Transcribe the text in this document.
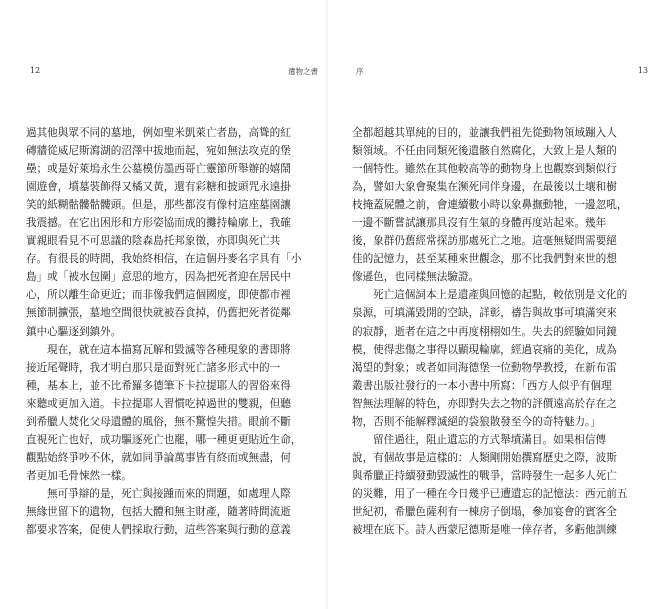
12	遺物之書
過其他與眾不同的墓地，例如聖米凱萊亡者島，高聳的紅
磚牆從威尼斯瀉湖的沼澤中拔地而起，宛如無法攻克的堡
壘；或是好萊塢永生公墓模仿墨西哥亡靈節所舉辦的嬉鬧
園遊會，墳墓裝飾得又橘又黃，還有彩糖和披頭咒永遠掛
笑的紙糊骷髏骷髏頭。但是，那些都沒有像村這座墓園讓
我震撼。在它出困形和方形姿協而成的攤持輪廓上，我確
實親眼看見不可思議的陰森島托邦象徵，亦即與死亡共
存。有很長的時間，我始終相信，在這個丹麥名字具有「小
島」或「被水包圍」意思的地方，因為把死者迎在居民中
心，所以離生命更近；而非像我們這個國度，即使都市裡
無節制擴張，墓地空間很快就被吞食掉，仍舊把死者從鄰
鎮中心驅逐到鎮外。
現在，就在這本描寫瓦解和毀滅等各種現象的書即將
接近尾聲時，我才明白那只是面對死亡諸多形式中的一
種，基本上，並不比希羅多德筆下卡拉提耶人的習俗來得
來聽或更加入道。卡拉提耶人習慣吃掉過世的雙親，但聽
到希臘人焚化父母遺體的風俗，無不驚惶失措。眼前不斷
直視死亡也好，成功驅逐死亡也罷，哪一種更更貼近生命，
觀點始終爭吵不休，就如同爭論萬事皆有終而或無盡，何
者更加毛骨悚然一樣。
無可爭辯的是，死亡與接踵而來的問題，如處理人際
無緣世留下的遺物，包括大體和無主財產，隨著時間流逝
都要求答案，促使人們採取行動，這些答案與行動的意義
序	13
全都超越其單純的目的，並讓我們祖先從動物領域蹦入人
類領域。不任由同類死後遺骸自然腐化，大致上是人類的
一個特性。雖然在其他較高等的動物身上也觀察到類似行
為，譬如大象會聚集在濒死同伴身邊，在最後以土壤和樹
枝掩蓋屍體之前，會連續數小時以象鼻撫動牠，一邊忽吼，
一邊不斷嘗試讓那具沒有生氣的身體再度站起來。幾年
後，象群仍舊經常探訪那處死亡之地。這毫無疑問需要絕
佳的記憶力，甚至某種來世觀念，那不比我們對來世的想
像遜色，也同樣無法驗證。
死亡這個詞本上是遺產與回憶的起點，較依別是文化的
泉源，可填滿毀開的空缺，詳彰，禱告與故事可填滿突來
的寂靜，逝者在這之中再度栩栩如生。失去的經驗如同鏡
模，使得悲傷之事得以顯現輪廓，經過哀痛的美化，成為
渴望的對象；或者如同海德堡一位動物學教授，在新布雷
叢書出版社發行的一本小書中所寫：「西方人似乎有個理
智無法理解的特色，亦即對失去之物的評價遠高於存在之
物，否則不能解釋滅絕的袋狼散發至今的奇特魅力。」
留住過往，阻止遺忘的方式舉墳滿目。如果相信傳
說，有個故事是這樣的：人類剛開始撰寫歷史之際，波斯
與希臘正持續發動毀滅性的戰爭，當時發生一起多人死亡
的災難，用了一種在今日幾乎已遭遺忘的記憶法：西元前五
世紀初，希臘色薩利有一棟房子倒塌，參加宴會的賓客全
被埋在底下。詩人西蒙尼德斯是唯一倖存者，多虧他訓練
